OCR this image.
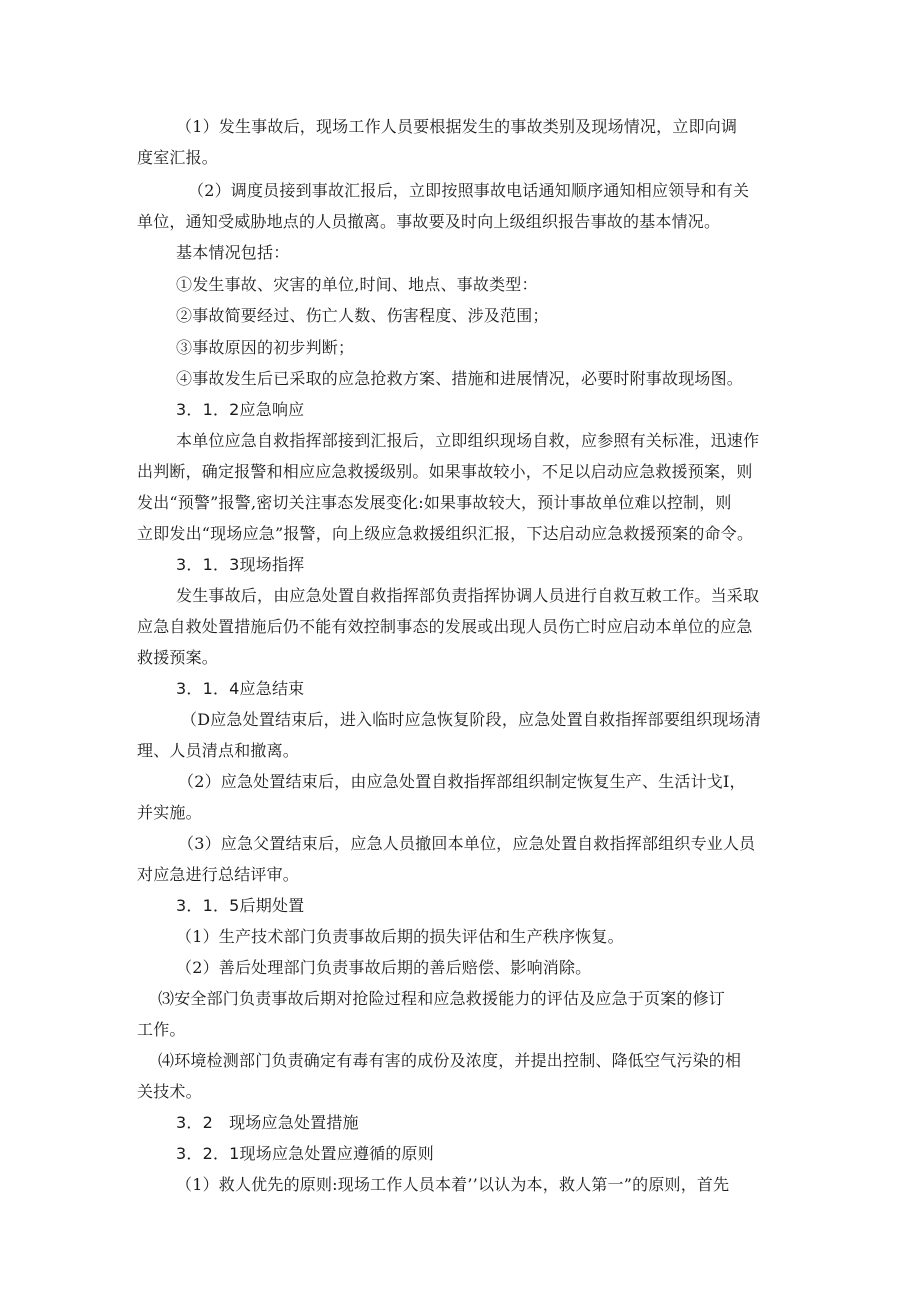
（1）发生事故后，现场工作人员要根据发生的事故类别及现场情况，立即向调
度室汇报。
（2）调度员接到事故汇报后，立即按照事故电话通知顺序通知相应领导和有关
单位，通知受威胁地点的人员撤离。事故要及时向上级组织报告事故的基本情况。
基本情况包括：
①发生事故、灾害的单位,时间、地点、事故类型：
②事故简要经过、伤亡人数、伤害程度、涉及范围；
③事故原因的初步判断；
④事故发生后已采取的应急抢救方案、措施和进展情况，必要时附事故现场图。
3．1．2应急响应
本单位应急自救指挥部接到汇报后，立即组织现场自救，应参照有关标准，迅速作
出判断，确定报警和相应应急救援级别。如果事故较小，不足以启动应急救援预案，则
发出“预警”报警,密切关注事态发展变化:如果事故较大，预计事故单位难以控制，则
立即发出“现场应急”报警，向上级应急救援组织汇报，下达启动应急救援预案的命令。
3．1．3现场指挥
发生事故后，由应急处置自救指挥部负责指挥协调人员进行自救互敕工作。当采取
应急自救处置措施后仍不能有效控制事态的发展或出现人员伤亡时应启动本单位的应急
救援预案。
3．1．4应急结束
（D应急处置结束后，进入临时应急恢复阶段，应急处置自救指挥部要组织现场清
理、人员清点和撤离。
（2）应急处置结束后，由应急处置自救指挥部组织制定恢复生产、生活计戈I，
并实施。
（3）应急父置结束后，应急人员撤回本单位，应急处置自救指挥部组织专业人员
对应急进行总结评审。
3．1．5后期处置
（1）生产技术部门负责事故后期的损失评估和生产秩序恢复。
（2）善后处理部门负责事故后期的善后赔偿、影响消除。
⑶安全部门负责事故后期对抢险过程和应急救援能力的评估及应急于页案的修订
工作。
⑷环境检测部门负责确定有毒有害的成份及浓度，并提出控制、降低空气污染的相
关技术。
3．2　现场应急处置措施
3．2．1现场应急处置应遵循的原则
（1）救人优先的原则:现场工作人员本着’’以认为本，救人第一”的原则，首先
